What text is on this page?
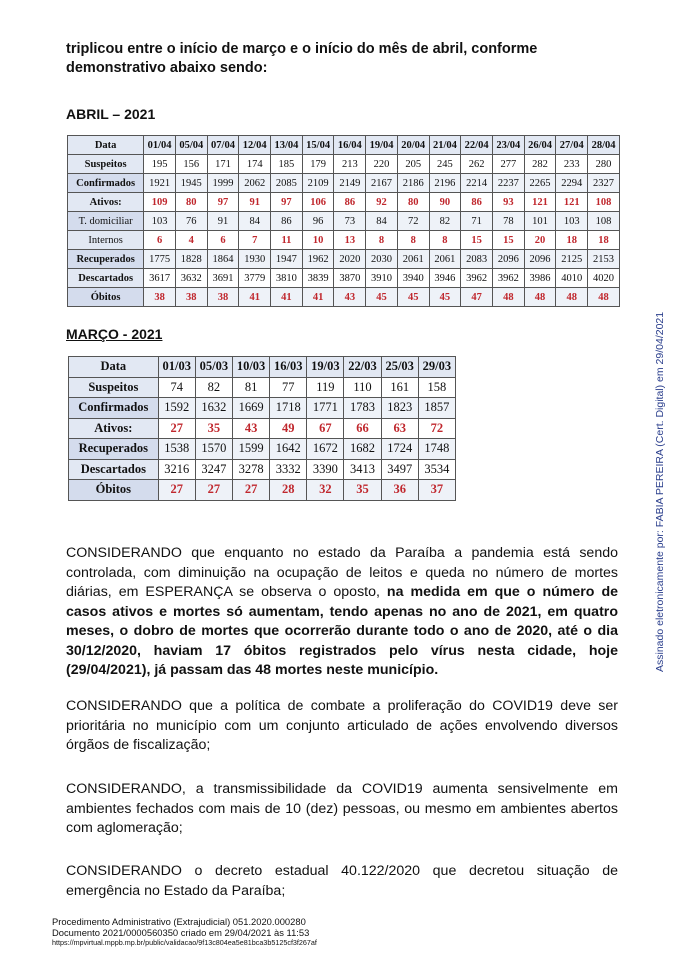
triplicou entre o início de março e o início do mês de abril, conforme demonstrativo abaixo sendo:
ABRIL – 2021
Data	01/04	05/04	07/04	12/04	13/04	15/04	16/04	19/04	20/04	21/04	22/04	23/04	26/04	27/04	28/04
Suspeitos	195	156	171	174	185	179	213	220	205	245	262	277	282	233	280
Confirmados	1921	1945	1999	2062	2085	2109	2149	2167	2186	2196	2214	2237	2265	2294	2327
Ativos:	109	80	97	91	97	106	86	92	80	90	86	93	121	121	108
T. domiciliar	103	76	91	84	86	96	73	84	72	82	71	78	101	103	108
Internos	6	4	6	7	11	10	13	8	8	8	15	15	20	18	18
Recuperados	1775	1828	1864	1930	1947	1962	2020	2030	2061	2061	2083	2096	2096	2125	2153
Descartados	3617	3632	3691	3779	3810	3839	3870	3910	3940	3946	3962	3962	3986	4010	4020
Óbitos	38	38	38	41	41	41	43	45	45	45	47	48	48	48	48
MARÇO - 2021
Data	01/03	05/03	10/03	16/03	19/03	22/03	25/03	29/03
Suspeitos	74	82	81	77	119	110	161	158
Confirmados	1592	1632	1669	1718	1771	1783	1823	1857
Ativos:	27	35	43	49	67	66	63	72
Recuperados	1538	1570	1599	1642	1672	1682	1724	1748
Descartados	3216	3247	3278	3332	3390	3413	3497	3534
Óbitos	27	27	27	28	32	35	36	37
CONSIDERANDO que enquanto no estado da Paraíba a pandemia está sendo controlada, com diminuição na ocupação de leitos e queda no número de mortes diárias, em ESPERANÇA se observa o oposto, na medida em que o número de casos ativos e mortes só aumentam, tendo apenas no ano de 2021, em quatro meses, o dobro de mortes que ocorrerão durante todo o ano de 2020, até o dia 30/12/2020, haviam 17 óbitos registrados pelo vírus nesta cidade, hoje (29/04/2021), já passam das 48 mortes neste município.
CONSIDERANDO que a política de combate a proliferação do COVID19 deve ser prioritária no município com um conjunto articulado de ações envolvendo diversos órgãos de fiscalização;
CONSIDERANDO, a transmissibilidade da COVID19 aumenta sensivelmente em ambientes fechados com mais de 10 (dez) pessoas, ou mesmo em ambientes abertos com aglomeração;
CONSIDERANDO o decreto estadual 40.122/2020 que decretou situação de emergência no Estado da Paraíba;
Procedimento Administrativo (Extrajudicial) 051.2020.000280
Documento 2021/0000560350 criado em 29/04/2021 às 11:53
https://mpvirtual.mppb.mp.br/public/validacao/9f13c804ea5e81bca3b5125cf3f267af
Assinado eletronicamente por: FABIA PEREIRA (Cert. Digital) em 29/04/2021
